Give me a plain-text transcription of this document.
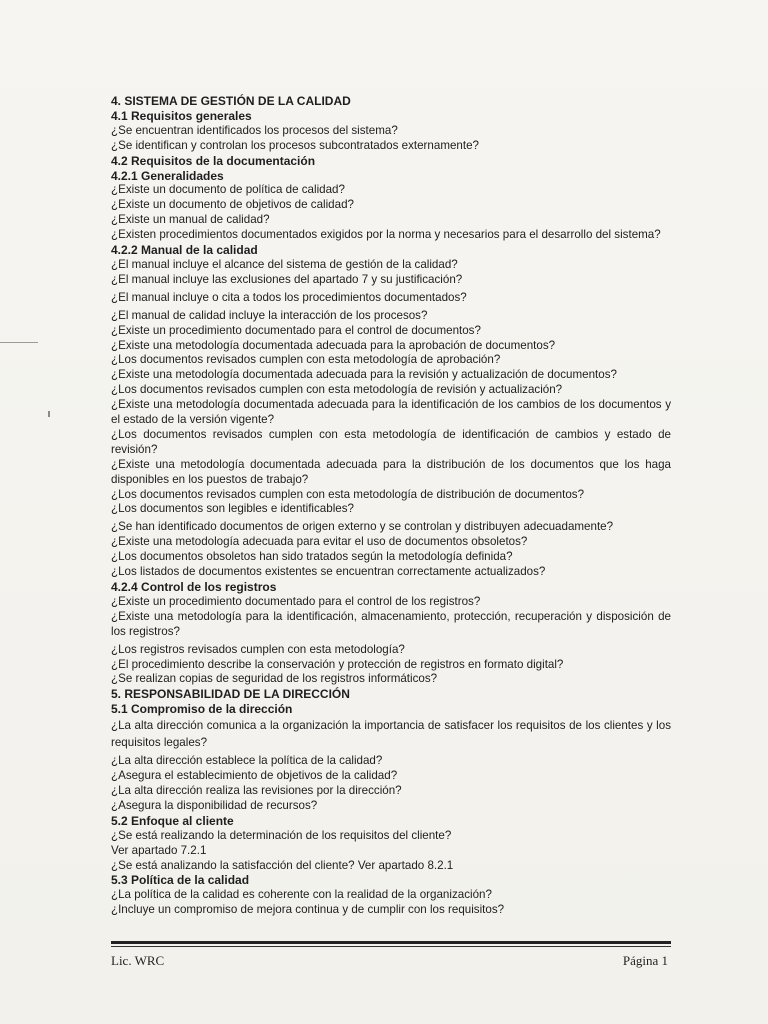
4. SISTEMA DE GESTIÓN DE LA CALIDAD
4.1 Requisitos generales
¿Se encuentran identificados los procesos del sistema?
¿Se identifican y controlan los procesos subcontratados externamente?
4.2 Requisitos de la documentación
4.2.1 Generalidades
¿Existe un documento de política de calidad?
¿Existe un documento de objetivos de calidad?
¿Existe un manual de calidad?
¿Existen procedimientos documentados exigidos por la norma y necesarios para el desarrollo del sistema?
4.2.2 Manual de la calidad
¿El manual incluye el alcance del sistema de gestión de la calidad?
¿El manual incluye las exclusiones del apartado 7 y su justificación?
¿El manual incluye o cita a todos los procedimientos documentados?
¿El manual de calidad incluye la interacción de los procesos?
¿Existe un procedimiento documentado para el control de documentos?
¿Existe una metodología documentada adecuada para la aprobación de documentos?
¿Los documentos revisados cumplen con esta metodología de aprobación?
¿Existe una metodología documentada adecuada para la revisión y actualización de documentos?
¿Los documentos revisados cumplen con esta metodología de revisión y actualización?
¿Existe una metodología documentada adecuada para la identificación de los cambios de los documentos y el estado de la versión vigente?
¿Los documentos revisados cumplen con esta metodología de identificación de cambios y estado de revisión?
¿Existe una metodología documentada adecuada para la distribución de los documentos que los haga disponibles en los puestos de trabajo?
¿Los documentos revisados cumplen con esta metodología de distribución de documentos?
¿Los documentos son legibles e identificables?
¿Se han identificado documentos de origen externo y se controlan y distribuyen adecuadamente?
¿Existe una metodología adecuada para evitar el uso de documentos obsoletos?
¿Los documentos obsoletos han sido tratados según la metodología definida?
¿Los listados de documentos existentes se encuentran correctamente actualizados?
4.2.4 Control de los registros
¿Existe un procedimiento documentado para el control de los registros?
¿Existe una metodología para la identificación, almacenamiento, protección, recuperación y disposición de los registros?
¿Los registros revisados cumplen con esta metodología?
¿El procedimiento describe la conservación y protección de registros en formato digital?
¿Se realizan copias de seguridad de los registros informáticos?
5. RESPONSABILIDAD DE LA DIRECCIÓN
5.1 Compromiso de la dirección
¿La alta dirección comunica a la organización la importancia de satisfacer los requisitos de los clientes y los requisitos legales?
¿La alta dirección establece la política de la calidad?
¿Asegura el establecimiento de objetivos de la calidad?
¿La alta dirección realiza las revisiones por la dirección?
¿Asegura la disponibilidad de recursos?
5.2 Enfoque al cliente
¿Se está realizando la determinación de los requisitos del cliente?
Ver apartado 7.2.1
¿Se está analizando la satisfacción del cliente? Ver apartado 8.2.1
5.3 Política de la calidad
¿La política de la calidad es coherente con la realidad de la organización?
¿Incluye un compromiso de mejora continua y de cumplir con los requisitos?
Lic. WRC	Página 1
